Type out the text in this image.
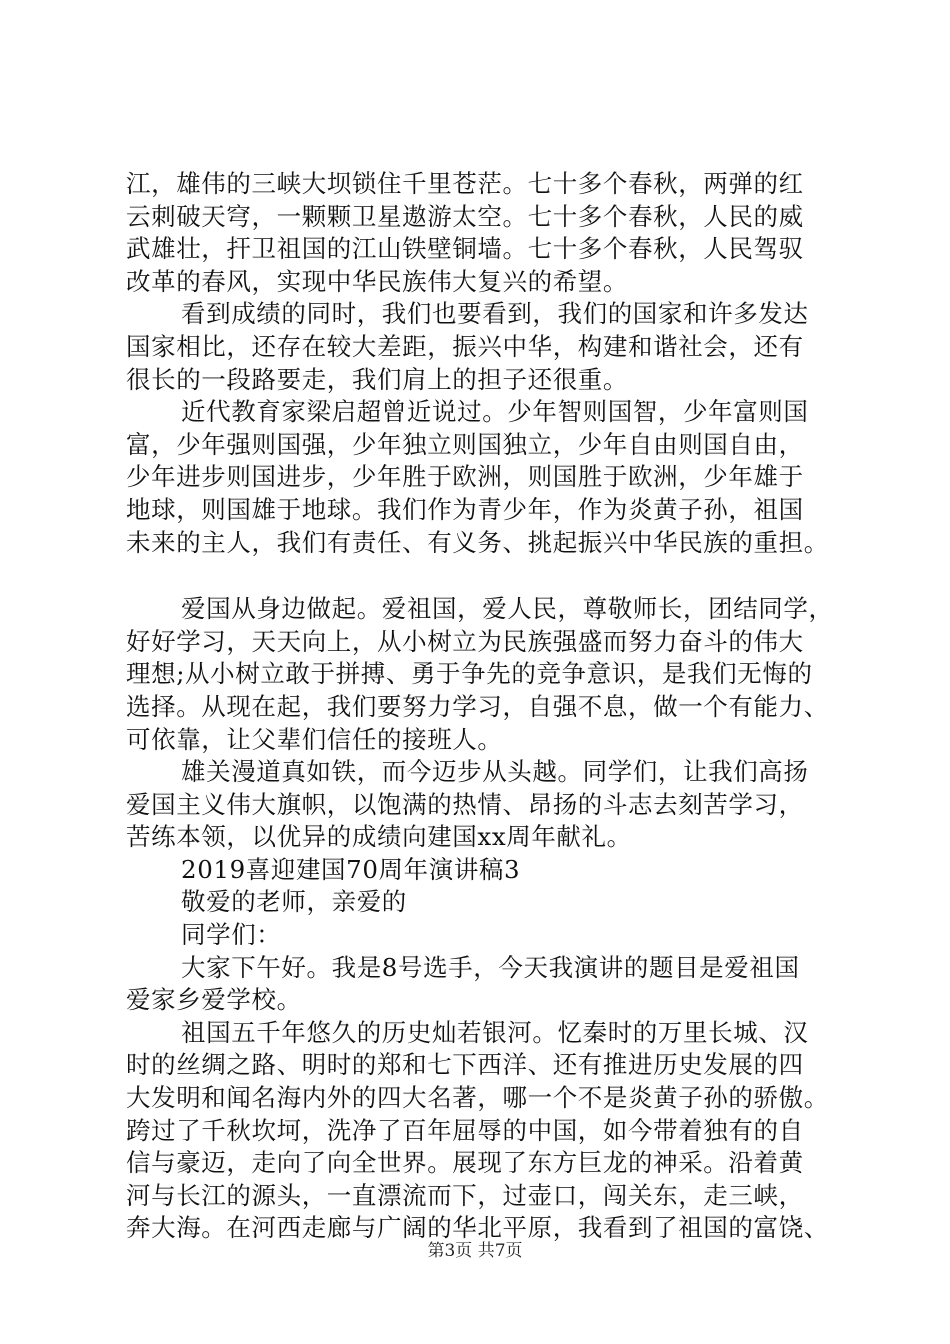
江，雄伟的三峡大坝锁住千里苍茫。七十多个春秋，两弹的红
云刺破天穹，一颗颗卫星遨游太空。七十多个春秋，人民的威
武雄壮，扞卫祖国的江山铁壁铜墙。七十多个春秋，人民驾驭
改革的春风，实现中华民族伟大复兴的希望。
看到成绩的同时，我们也要看到，我们的国家和许多发达
国家相比，还存在较大差距，振兴中华，构建和谐社会，还有
很长的一段路要走，我们肩上的担子还很重。
近代教育家梁启超曾近说过。少年智则国智，少年富则国
富，少年强则国强，少年独立则国独立，少年自由则国自由，
少年进步则国进步，少年胜于欧洲，则国胜于欧洲，少年雄于
地球，则国雄于地球。我们作为青少年，作为炎黄子孙，祖国
未来的主人，我们有责任、有义务、挑起振兴中华民族的重担。
爱国从身边做起。爱祖国，爱人民，尊敬师长，团结同学，
好好学习，天天向上，从小树立为民族强盛而努力奋斗的伟大
理想;从小树立敢于拼搏、勇于争先的竞争意识，是我们无悔的
选择。从现在起，我们要努力学习，自强不息，做一个有能力、
可依靠，让父辈们信任的接班人。
雄关漫道真如铁，而今迈步从头越。同学们，让我们高扬
爱国主义伟大旗帜，以饱满的热情、昂扬的斗志去刻苦学习，
苦练本领，以优异的成绩向建国xx周年献礼。
2019喜迎建国70周年演讲稿3
敬爱的老师，亲爱的
同学们：
大家下午好。我是8号选手，今天我演讲的题目是爱祖国
爱家乡爱学校。
祖国五千年悠久的历史灿若银河。忆秦时的万里长城、汉
时的丝绸之路、明时的郑和七下西洋、还有推进历史发展的四
大发明和闻名海内外的四大名著，哪一个不是炎黄子孙的骄傲。
跨过了千秋坎坷，洗净了百年屈辱的中国，如今带着独有的自
信与豪迈，走向了向全世界。展现了东方巨龙的神采。沿着黄
河与长江的源头，一直漂流而下，过壶口，闯关东，走三峡，
奔大海。在河西走廊与广阔的华北平原，我看到了祖国的富饶、
第3页 共7页
